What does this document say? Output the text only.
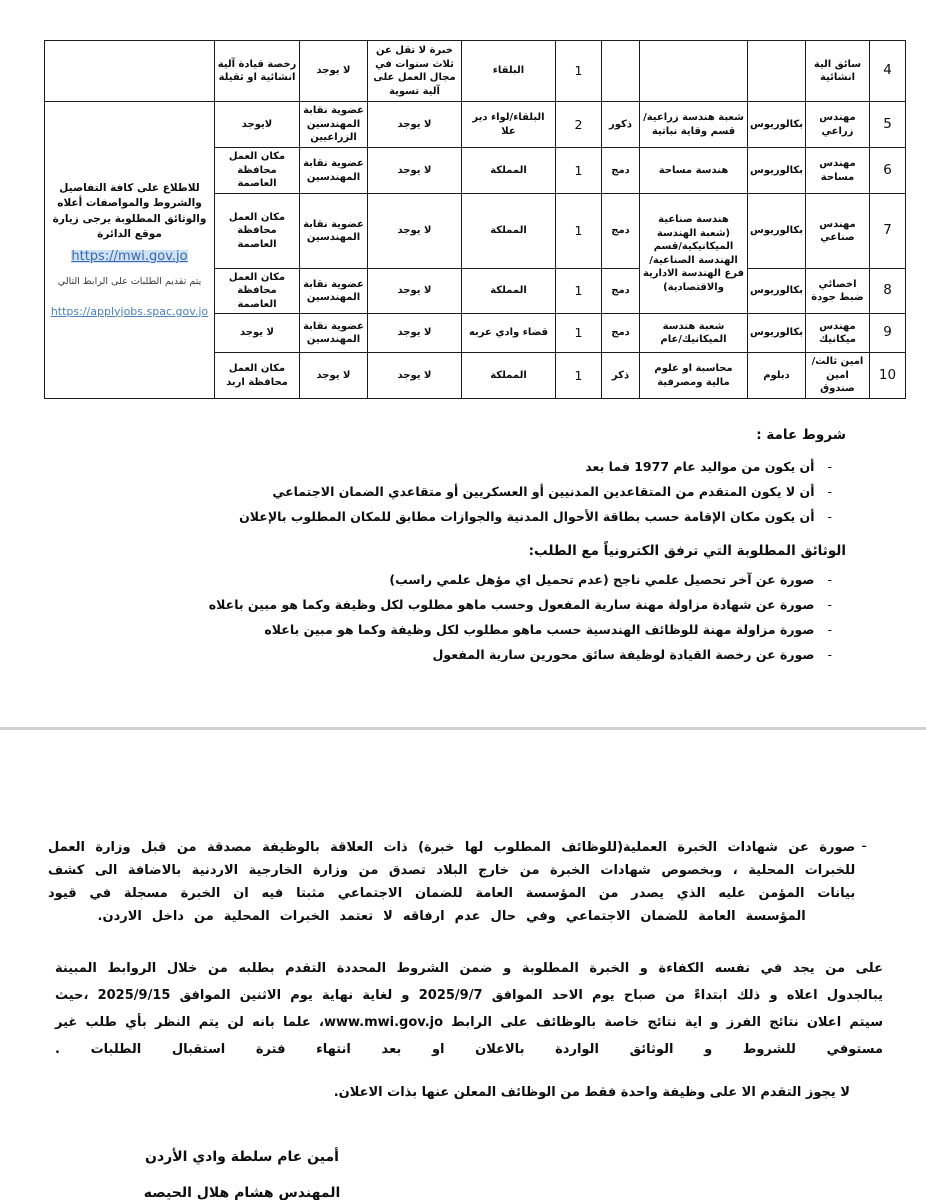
4	سائق الية انشائية				1	البلقاء	خبرة لا تقل عن ثلاث سنوات في مجال العمل على آلية تسوية	لا يوجد	رخصة قيادة آلية انشائية او ثقيلة	
5	مهندس زراعي	بكالوريوس	شعبة هندسة زراعية/قسم وقاية نباتية	ذكور	2	البلقاء/لواء دير علا	لا يوجد	عضوية نقابة المهندسين الزراعيين	لايوجد	للاطلاع على كافة التفاصيل والشروط والمواصفات أعلاه والوثائق المطلوبة يرجى زيارة موقع الدائرة
https://mwi.gov.jo
يتم تقديم الطلبات على الرابط التالي
https://applyjobs.spac.gov.jo
6	مهندس مساحة	بكالوريوس	هندسة مساحة	دمج	1	المملكة	لا يوجد	عضوية نقابة المهندسين	مكان العمل محافظة العاصمة	
7	مهندس صناعي	بكالوريوس	هندسة صناعية (شعبة الهندسة الميكانيكية/قسم الهندسة الصناعية/فرع الهندسة الادارية والاقتصادية)	دمج	1	المملكة	لا يوجد	عضوية نقابة المهندسين	مكان العمل محافظة العاصمة	
8	اخصائي ضبط جودة	بكالوريوس		دمج	1	المملكة	لا يوجد	عضوية نقابة المهندسين	مكان العمل محافظة العاصمة	
9	مهندس ميكانيك	بكالوريوس	شعبة هندسة الميكانيك/عام	دمج	1	قضاء وادي عربه	لا يوجد	عضوية نقابة المهندسين	لا يوجد	
10	امين ثالث/امين صندوق	دبلوم	محاسبة او علوم مالية ومصرفية	ذكر	1	المملكة	لا يوجد	لا يوجد	مكان العمل محافظة اربد	
شروط عامة :
-
أن يكون من مواليد عام 1977 فما بعد
-
أن لا يكون المتقدم من المتقاعدين المدنيين أو العسكريين أو متقاعدي الضمان الاجتماعي
-
أن يكون مكان الإقامة حسب بطاقة الأحوال المدنية والجوازات مطابق للمكان المطلوب بالإعلان
الوثائق المطلوبة التي ترفق الكترونياً مع الطلب:
-
صورة عن آخر تحصيل علمي ناجح (عدم تحميل اي مؤهل علمي راسب)
-
صورة عن شهادة مزاولة مهنة سارية المفعول وحسب ماهو مطلوب لكل وظيفة وكما هو مبين باعلاه
-
صورة مزاولة مهنة للوظائف الهندسية حسب ماهو مطلوب لكل وظيفة وكما هو مبين باعلاه
-
صورة عن رخصة القيادة لوظيفة سائق محورين سارية المفعول
-

صورة عن شهادات الخبرة العملية(للوظائف المطلوب لها خبرة) ذات العلاقة بالوظيفة مصدقة من قبل وزارة العمل للخبرات المحلية ، وبخصوص شهادات الخبرة من خارج البلاد تصدق من وزارة الخارجية الاردنية بالاضافة الى كشف بيانات المؤمن عليه الذي يصدر من المؤسسة العامة للضمان الاجتماعي مثبتا فيه ان الخبرة مسجلة في قيود المؤسسة العامة للضمان الاجتماعي وفي حال عدم ارفاقه لا تعتمد الخبرات المحلية من داخل الاردن.

على من يجد في نفسه الكفاءة و الخبرة المطلوبة و ضمن الشروط المحددة التقدم بطلبه من خلال الروابط المبينة يبالجدول اعلاه و ذلك ابتداءً من صباح يوم الاحد الموافق 2025/9/7 و لغاية نهاية يوم الاثنين الموافق 2025/9/15 ،حيث سيتم اعلان نتائج الفرز و اية نتائج خاصة بالوظائف على الرابط www.mwi.gov.jo، علما بانه لن يتم النظر بأي طلب غير مستوفي للشروط و الوثائق الواردة بالاعلان او بعد انتهاء فترة استقبال الطلبات .

لا يجوز التقدم الا على وظيفة واحدة فقط من الوظائف المعلن عنها بذات الاعلان.

أمين عام سلطة وادي الأردن
المهندس هشام هلال الحيصه
